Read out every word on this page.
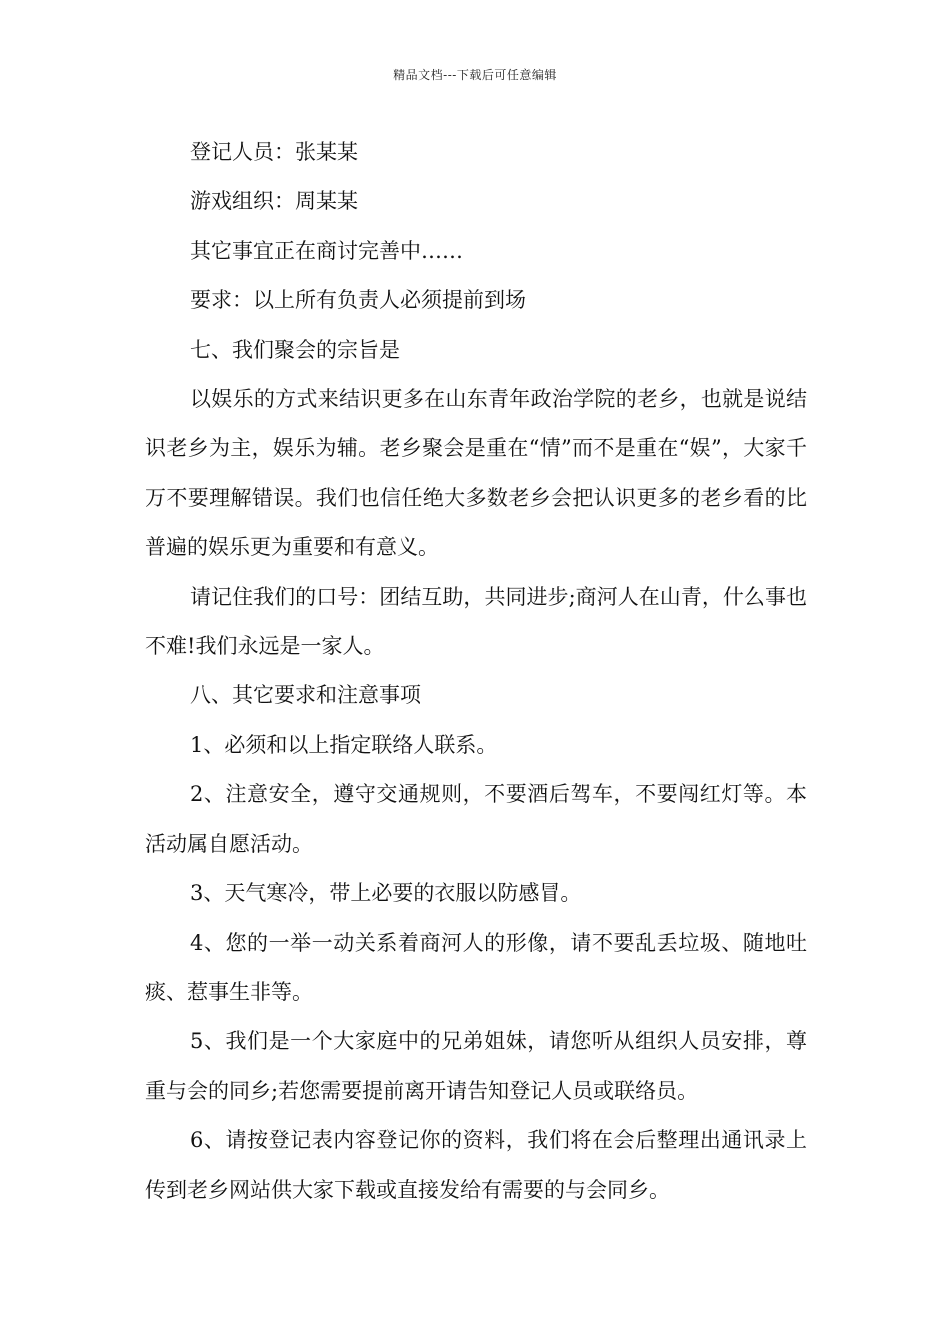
精品文档---下载后可任意编辑

登记人员：张某某

游戏组织：周某某

其它事宜正在商讨完善中……

要求：以上所有负责人必须提前到场

七、我们聚会的宗旨是

以娱乐的方式来结识更多在山东青年政治学院的老乡，也就是说结识老乡为主，娱乐为辅。老乡聚会是重在“情”而不是重在“娱”，大家千万不要理解错误。我们也信任绝大多数老乡会把认识更多的老乡看的比普遍的娱乐更为重要和有意义。

请记住我们的口号：团结互助，共同进步;商河人在山青，什么事也不难!我们永远是一家人。

八、其它要求和注意事项

1、必须和以上指定联络人联系。

2、注意安全，遵守交通规则，不要酒后驾车，不要闯红灯等。本活动属自愿活动。

3、天气寒冷，带上必要的衣服以防感冒。

4、您的一举一动关系着商河人的形像，请不要乱丢垃圾、随地吐痰、惹事生非等。

5、我们是一个大家庭中的兄弟姐妹，请您听从组织人员安排，尊重与会的同乡;若您需要提前离开请告知登记人员或联络员。

6、请按登记表内容登记你的资料，我们将在会后整理出通讯录上传到老乡网站供大家下载或直接发给有需要的与会同乡。
